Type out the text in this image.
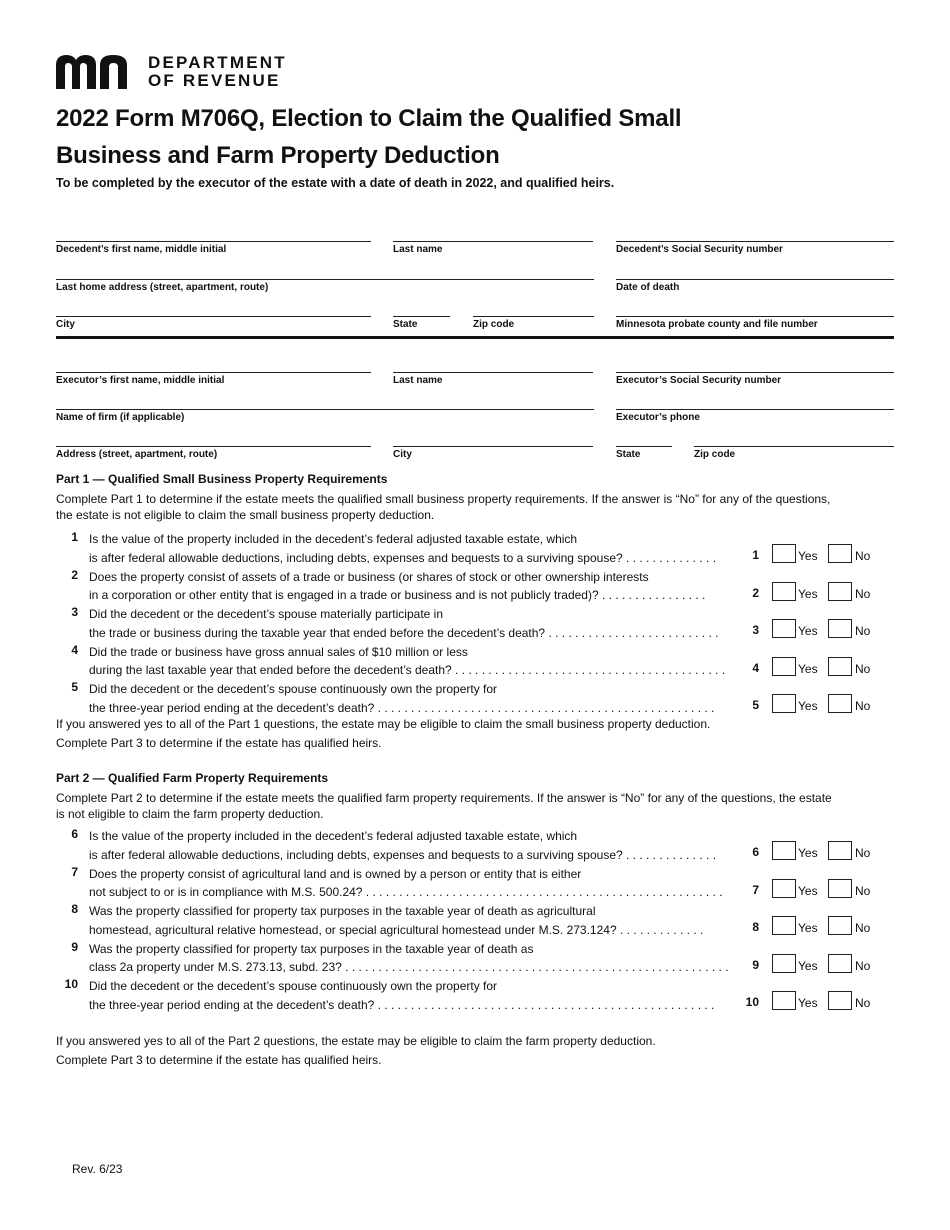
DEPARTMENT
OF REVENUE
2022 Form M706Q, Election to Claim the Qualified Small
Business and Farm Property Deduction
To be completed by the executor of the estate with a date of death in 2022, and qualified heirs.
Decedent’s first name, middle initial	Last name	Decedent’s Social Security number
Last home address (street, apartment, route)	Date of death
City	State	Zip code	Minnesota probate county and file number
Executor’s first name, middle initial	Last name	Executor’s Social Security number
Name of firm (if applicable)	Executor’s phone
Address (street, apartment, route)	City	State	Zip code
Part 1 — Qualified Small Business Property Requirements
Complete Part 1 to determine if the estate meets the qualified small business property requirements. If the answer is “No” for any of the questions,
the estate is not eligible to claim the small business property deduction.
1 Is the value of the property included in the decedent’s federal adjusted taxable estate, which
is after federal allowable deductions, including debts, expenses and bequests to a surviving spouse? . . . . . . . . . . . . . .	1	Yes	No
2 Does the property consist of assets of a trade or business (or shares of stock or other ownership interests
in a corporation or other entity that is engaged in a trade or business and is not publicly traded)? . . . . . . . . . . . . . . . .	2	Yes	No
3 Did the decedent or the decedent’s spouse materially participate in
the trade or business during the taxable year that ended before the decedent’s death? . . . . . . . . . . . . . . . . . . . . . . . . . .	3	Yes	No
4 Did the trade or business have gross annual sales of $10 million or less
during the last taxable year that ended before the decedent’s death? . . . . . . . . . . . . . . . . . . . . . . . . . . . . . . . . . . . . . . . . .	4	Yes	No
5 Did the decedent or the decedent’s spouse continuously own the property for
the three-year period ending at the decedent’s death? . . . . . . . . . . . . . . . . . . . . . . . . . . . . . . . . . . . . . . . . . . . . . . . . . . .	5	Yes	No
If you answered yes to all of the Part 1 questions, the estate may be eligible to claim the small business property deduction.
Complete Part 3 to determine if the estate has qualified heirs.
Part 2 — Qualified Farm Property Requirements
Complete Part 2 to determine if the estate meets the qualified farm property requirements. If the answer is “No” for any of the questions, the estate
is not eligible to claim the farm property deduction.
6 Is the value of the property included in the decedent’s federal adjusted taxable estate, which
is after federal allowable deductions, including debts, expenses and bequests to a surviving spouse? . . . . . . . . . . . . . .	6	Yes	No
7 Does the property consist of agricultural land and is owned by a person or entity that is either
not subject to or is in compliance with M.S. 500.24? . . . . . . . . . . . . . . . . . . . . . . . . . . . . . . . . . . . . . . . . . . . . . . . . . . . . . .	7	Yes	No
8 Was the property classified for property tax purposes in the taxable year of death as agricultural
homestead, agricultural relative homestead, or special agricultural homestead under M.S. 273.124? . . . . . . . . . . . . .	8	Yes	No
9 Was the property classified for property tax purposes in the taxable year of death as
class 2a property under M.S. 273.13, subd. 23? . . . . . . . . . . . . . . . . . . . . . . . . . . . . . . . . . . . . . . . . . . . . . . . . . . . . . . . . . .	9	Yes	No
10 Did the decedent or the decedent’s spouse continuously own the property for
the three-year period ending at the decedent’s death? . . . . . . . . . . . . . . . . . . . . . . . . . . . . . . . . . . . . . . . . . . . . . . . . . . .	10	Yes	No
If you answered yes to all of the Part 2 questions, the estate may be eligible to claim the farm property deduction.
Complete Part 3 to determine if the estate has qualified heirs.
Rev. 6/23
